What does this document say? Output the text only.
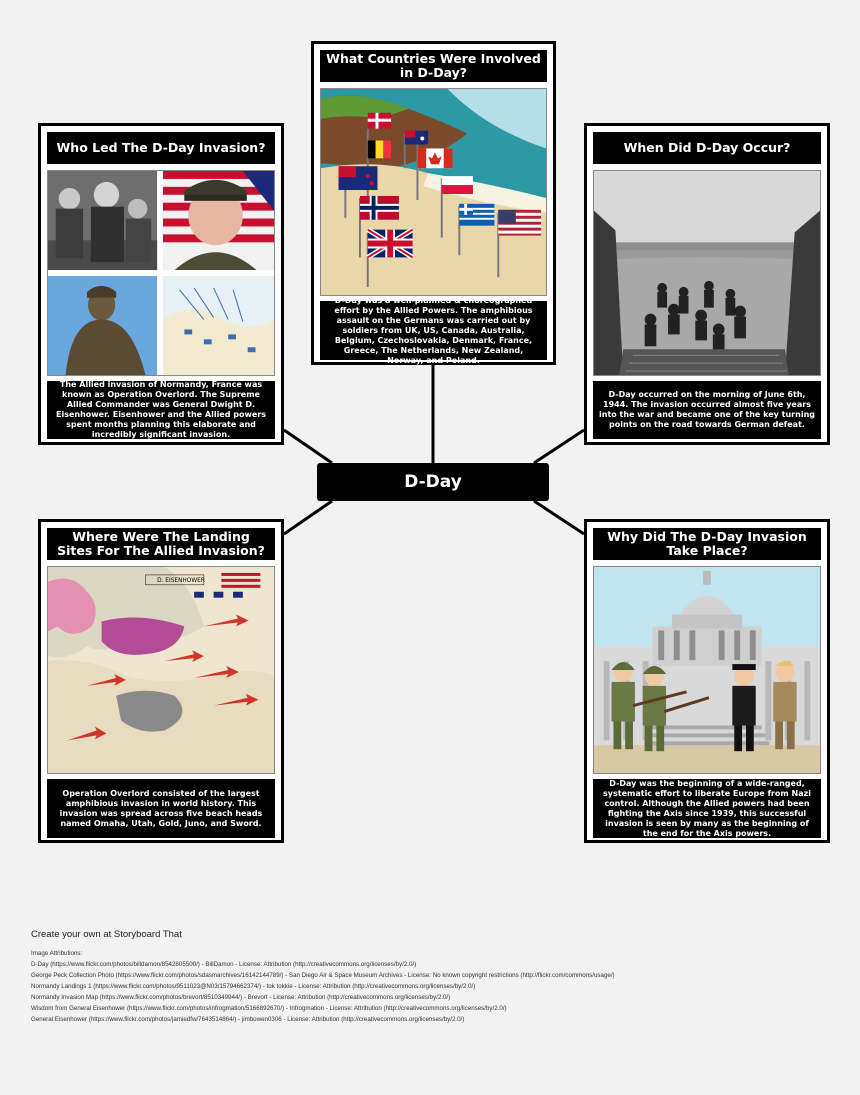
What Countries Were Involved in D-Day?
D-Day was a well-planned & choreographed effort by the Allied Powers. The amphibious assault on the Germans was carried out by soldiers from UK, US, Canada, Australia, Belgium, Czechoslovakia, Denmark, France, Greece, The Netherlands, New Zealand, Norway, and Poland.
Who Led The D-Day Invasion?
The Allied invasion of Normandy, France was known as Operation Overlord. The Supreme Allied Commander was General Dwight D. Eisenhower. Eisenhower and the Allied powers spent months planning this elaborate and incredibly significant invasion.
When Did D-Day Occur?
D-Day occurred on the morning of June 6th, 1944. The invasion occurred almost five years into the war and became one of the key turning points on the road towards German defeat.
D-Day
Where Were The Landing Sites For The Allied Invasion?
D. EISENHOWER
Operation Overlord consisted of the largest amphibious invasion in world history. This invasion was spread across five beach heads named Omaha, Utah, Gold, Juno, and Sword.
Why Did The D-Day Invasion Take Place?
D-Day was the beginning of a wide-ranged, systematic effort to liberate Europe from Nazi control. Although the Allied powers had been fighting the Axis since 1939, this successful invasion is seen by many as the beginning of the end for the Axis powers.
Create your own at Storyboard That
Image Attributions:
D-Day (https://www.flickr.com/photos/billdamon/8542805500/) - BillDamon - License: Attribution (http://creativecommons.org/licenses/by/2.0/)
George Peck Collection Photo (https://www.flickr.com/photos/sdasmarchives/16142144789/) - San Diego Air & Space Museum Archives - License: No known copyright restrictions (http://flickr.com/commons/usage/)
Normandy Landings 1 (https://www.flickr.com/photos/9511023@N03/15794662374/) - tok tokkie - License: Attribution (http://creativecommons.org/licenses/by/2.0/)
Normandy Invasion Map (https://www.flickr.com/photos/brevort/8510349944/) - Brevort - License: Attribution (http://creativecommons.org/licenses/by/2.0/)
Wisdom from General Eisenhower (https://www.flickr.com/photos/infrogmation/5166892670/) - Infrogmation - License: Attribution (http://creativecommons.org/licenses/by/2.0/)
General Eisenhower (https://www.flickr.com/photos/jamiedfw/7643514864/) - jimbowen0306 - License: Attribution (http://creativecommons.org/licenses/by/2.0/)
